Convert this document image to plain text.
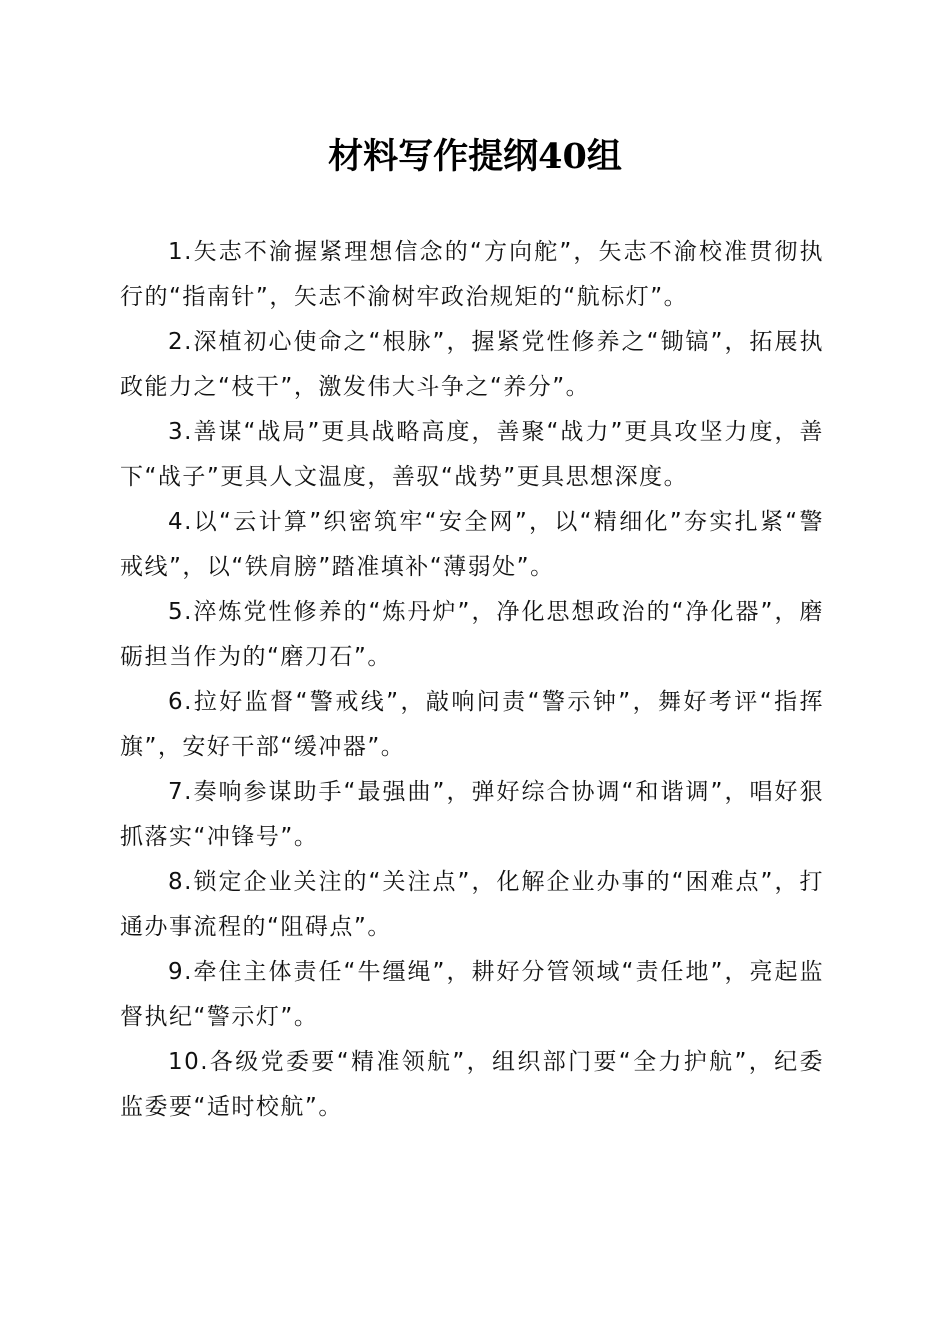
材料写作提纲40组

1.矢志不渝握紧理想信念的“方向舵”，矢志不渝校准贯彻执行的“指南针”，矢志不渝树牢政治规矩的“航标灯”。

2.深植初心使命之“根脉”，握紧党性修养之“锄镐”，拓展执政能力之“枝干”，激发伟大斗争之“养分”。

3.善谋“战局”更具战略高度，善聚“战力”更具攻坚力度，善下“战子”更具人文温度，善驭“战势”更具思想深度。

4.以“云计算”织密筑牢“安全网”，以“精细化”夯实扎紧“警戒线”，以“铁肩膀”踏准填补“薄弱处”。

5.淬炼党性修养的“炼丹炉”，净化思想政治的“净化器”，磨砺担当作为的“磨刀石”。

6.拉好监督“警戒线”，敲响问责“警示钟”，舞好考评“指挥旗”，安好干部“缓冲器”。

7.奏响参谋助手“最强曲”，弹好综合协调“和谐调”，唱好狠抓落实“冲锋号”。

8.锁定企业关注的“关注点”，化解企业办事的“困难点”，打通办事流程的“阻碍点”。

9.牵住主体责任“牛缰绳”，耕好分管领域“责任地”，亮起监督执纪“警示灯”。

10.各级党委要“精准领航”，组织部门要“全力护航”，纪委监委要“适时校航”。
